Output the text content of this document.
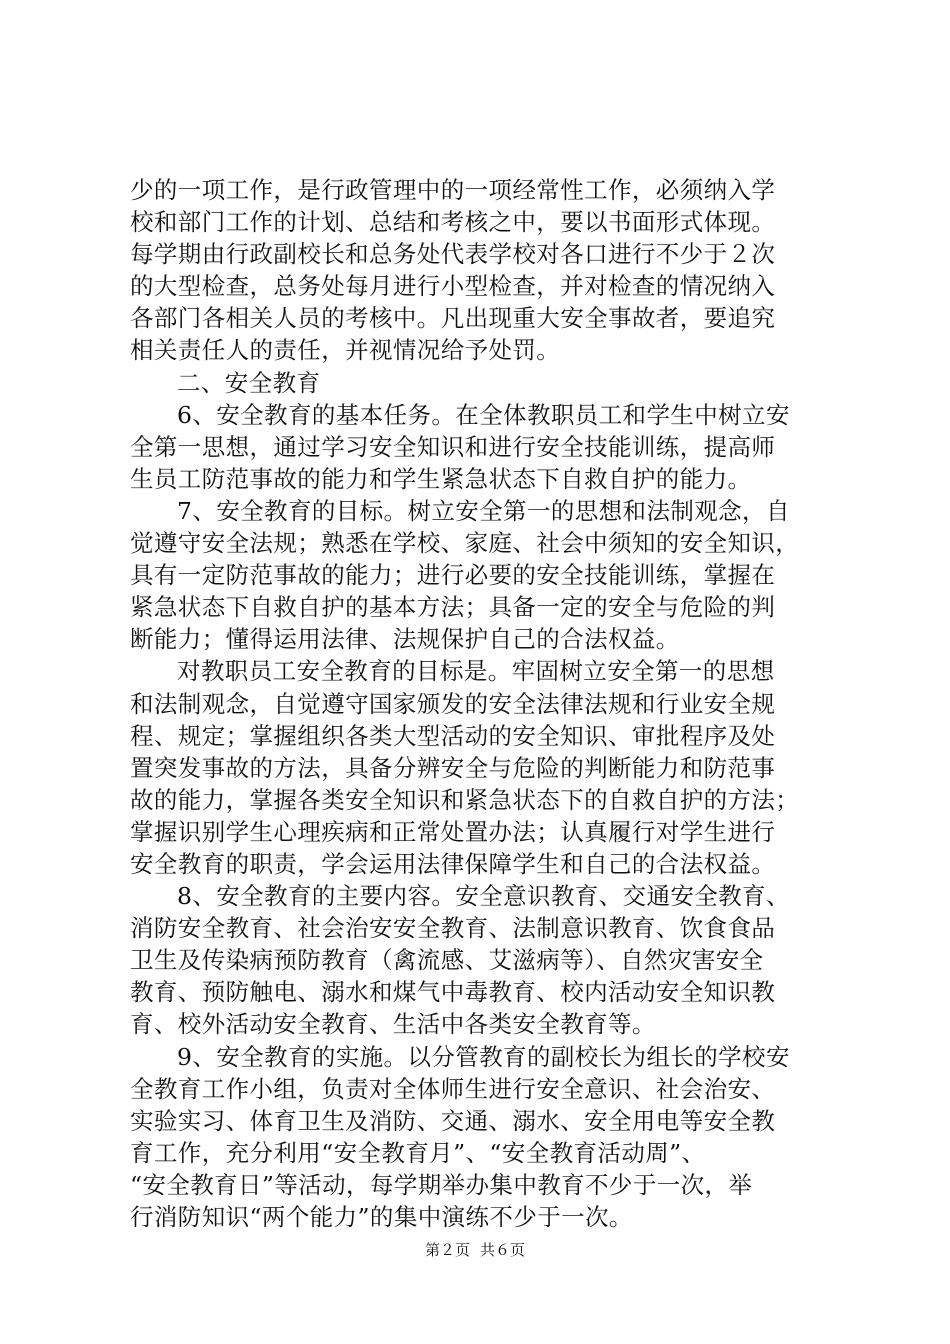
少的一项工作，是行政管理中的一项经常性工作，必须纳入学
校和部门工作的计划、总结和考核之中，要以书面形式体现。
每学期由行政副校长和总务处代表学校对各口进行不少于２次
的大型检查，总务处每月进行小型检查，并对检查的情况纳入
各部门各相关人员的考核中。凡出现重大安全事故者，要追究
相关责任人的责任，并视情况给予处罚。
二、安全教育
6、安全教育的基本任务。在全体教职员工和学生中树立安
全第一思想，通过学习安全知识和进行安全技能训练，提高师
生员工防范事故的能力和学生紧急状态下自救自护的能力。
7、安全教育的目标。树立安全第一的思想和法制观念，自
觉遵守安全法规；熟悉在学校、家庭、社会中须知的安全知识，
具有一定防范事故的能力；进行必要的安全技能训练，掌握在
紧急状态下自救自护的基本方法；具备一定的安全与危险的判
断能力；懂得运用法律、法规保护自己的合法权益。
对教职员工安全教育的目标是。牢固树立安全第一的思想
和法制观念，自觉遵守国家颁发的安全法律法规和行业安全规
程、规定；掌握组织各类大型活动的安全知识、审批程序及处
置突发事故的方法，具备分辨安全与危险的判断能力和防范事
故的能力，掌握各类安全知识和紧急状态下的自救自护的方法；
掌握识别学生心理疾病和正常处置办法；认真履行对学生进行
安全教育的职责，学会运用法律保障学生和自己的合法权益。
8、安全教育的主要内容。安全意识教育、交通安全教育、
消防安全教育、社会治安安全教育、法制意识教育、饮食食品
卫生及传染病预防教育（禽流感、艾滋病等）、自然灾害安全
教育、预防触电、溺水和煤气中毒教育、校内活动安全知识教
育、校外活动安全教育、生活中各类安全教育等。
9、安全教育的实施。以分管教育的副校长为组长的学校安
全教育工作小组，负责对全体师生进行安全意识、社会治安、
实验实习、体育卫生及消防、交通、溺水、安全用电等安全教
育工作，充分利用“安全教育月”、“安全教育活动周”、
“安全教育日”等活动，每学期举办集中教育不少于一次，举
行消防知识“两个能力”的集中演练不少于一次。
第２页 共６页
